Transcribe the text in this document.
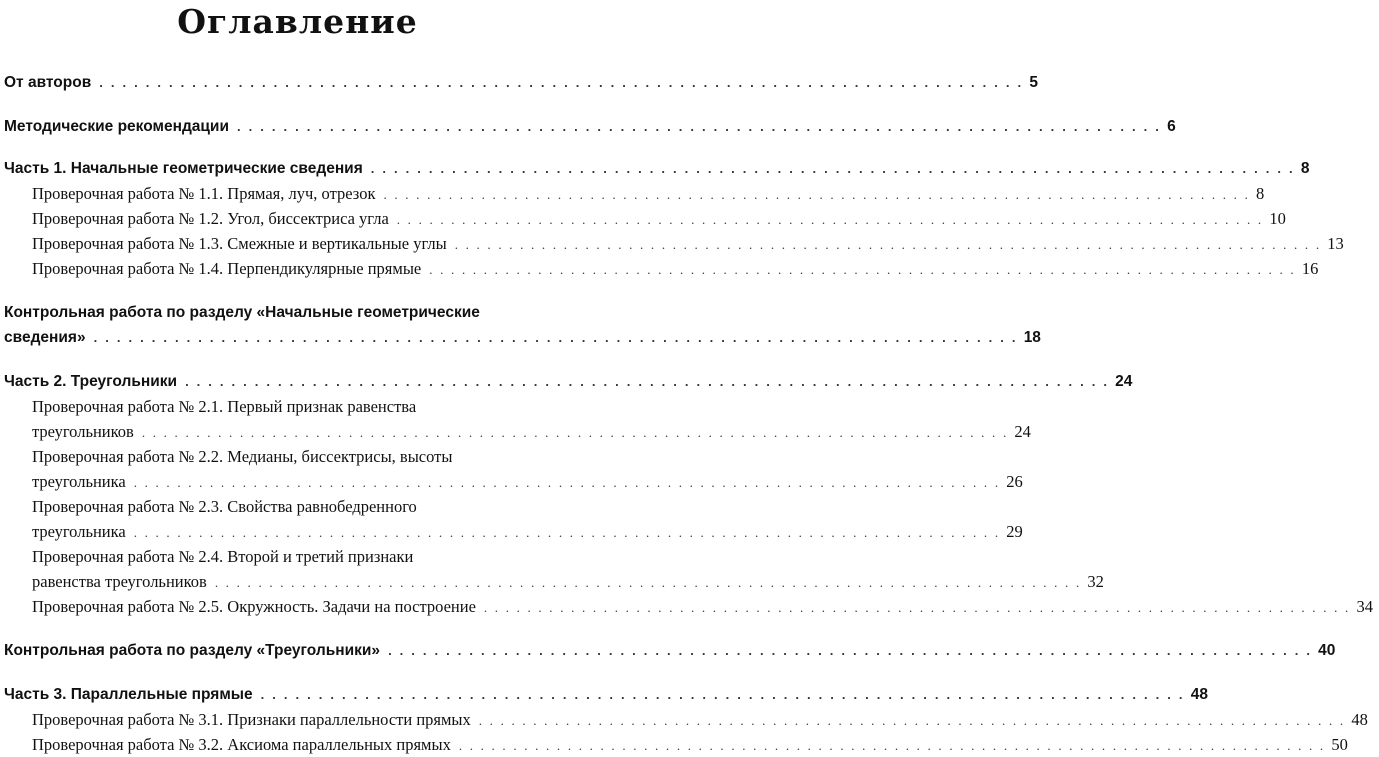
Оглавление
От авторов . . . . . . . . . . . . . . . . . . . . . . . . . . . . . . . . . . . . . . . . . . . . . . . . . . . . . . . . . . . . . . . . . . . . . . . . . . . . . . . . 5
Методические рекомендации . . . . . . . . . . . . . . . . . . . . . . . . . . . . . . . . . . . . . . . . . . . . . . . . . . . . . . . . . . . . . . . . . . . . . . . . . . . . . . . . 6
Часть 1. Начальные геометрические сведения . . . . . . . . . . . . . . . . . . . . . . . . . . . . . . . . . . . . . . . . . . . . . . . . . . . . . . . . . . . . . . . . . . . . . . . . . . . . . . . . 8
Проверочная работа № 1.1. Прямая, луч, отрезок . . . . . . . . . . . . . . . . . . . . . . . . . . . . . . . . . . . . . . . . . . . . . . . . . . . . . . . . . . . . . . . . . . . . . . . . . . . . . . . . 8
Проверочная работа № 1.2. Угол, биссектриса угла . . . . . . . . . . . . . . . . . . . . . . . . . . . . . . . . . . . . . . . . . . . . . . . . . . . . . . . . . . . . . . . . . . . . . . . . . . . . . . . . 10
Проверочная работа № 1.3. Смежные и вертикальные углы . . . . . . . . . . . . . . . . . . . . . . . . . . . . . . . . . . . . . . . . . . . . . . . . . . . . . . . . . . . . . . . . . . . . . . . . . . . . . . . . 13
Проверочная работа № 1.4. Перпендикулярные прямые . . . . . . . . . . . . . . . . . . . . . . . . . . . . . . . . . . . . . . . . . . . . . . . . . . . . . . . . . . . . . . . . . . . . . . . . . . . . . . . . 16
Контрольная работа по разделу «Начальные геометрические
сведения» . . . . . . . . . . . . . . . . . . . . . . . . . . . . . . . . . . . . . . . . . . . . . . . . . . . . . . . . . . . . . . . . . . . . . . . . . . . . . . . . 18
Часть 2. Треугольники . . . . . . . . . . . . . . . . . . . . . . . . . . . . . . . . . . . . . . . . . . . . . . . . . . . . . . . . . . . . . . . . . . . . . . . . . . . . . . . . 24
Проверочная работа № 2.1. Первый признак равенства
треугольников . . . . . . . . . . . . . . . . . . . . . . . . . . . . . . . . . . . . . . . . . . . . . . . . . . . . . . . . . . . . . . . . . . . . . . . . . . . . . . . . 24
Проверочная работа № 2.2. Медианы, биссектрисы, высоты
треугольника . . . . . . . . . . . . . . . . . . . . . . . . . . . . . . . . . . . . . . . . . . . . . . . . . . . . . . . . . . . . . . . . . . . . . . . . . . . . . . . . 26
Проверочная работа № 2.3. Свойства равнобедренного
треугольника . . . . . . . . . . . . . . . . . . . . . . . . . . . . . . . . . . . . . . . . . . . . . . . . . . . . . . . . . . . . . . . . . . . . . . . . . . . . . . . . 29
Проверочная работа № 2.4. Второй и третий признаки
равенства треугольников . . . . . . . . . . . . . . . . . . . . . . . . . . . . . . . . . . . . . . . . . . . . . . . . . . . . . . . . . . . . . . . . . . . . . . . . . . . . . . . . 32
Проверочная работа № 2.5. Окружность. Задачи на построение . . . . . . . . . . . . . . . . . . . . . . . . . . . . . . . . . . . . . . . . . . . . . . . . . . . . . . . . . . . . . . . . . . . . . . . . . . . . . . . . 34
Контрольная работа по разделу «Треугольники» . . . . . . . . . . . . . . . . . . . . . . . . . . . . . . . . . . . . . . . . . . . . . . . . . . . . . . . . . . . . . . . . . . . . . . . . . . . . . . . . 40
Часть 3. Параллельные прямые . . . . . . . . . . . . . . . . . . . . . . . . . . . . . . . . . . . . . . . . . . . . . . . . . . . . . . . . . . . . . . . . . . . . . . . . . . . . . . . . 48
Проверочная работа № 3.1. Признаки параллельности прямых . . . . . . . . . . . . . . . . . . . . . . . . . . . . . . . . . . . . . . . . . . . . . . . . . . . . . . . . . . . . . . . . . . . . . . . . . . . . . . . . 48
Проверочная работа № 3.2. Аксиома параллельных прямых . . . . . . . . . . . . . . . . . . . . . . . . . . . . . . . . . . . . . . . . . . . . . . . . . . . . . . . . . . . . . . . . . . . . . . . . . . . . . . . . 50
